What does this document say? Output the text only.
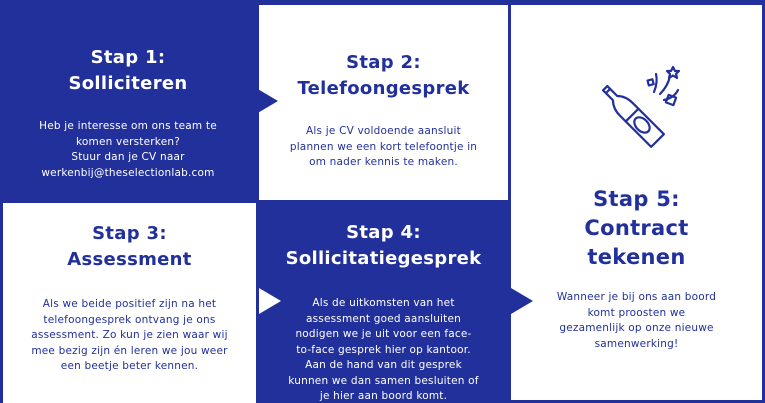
Stap 1:
Solliciteren
Heb je interesse om ons team te
komen versterken?
Stuur dan je CV naar
werkenbij@theselectionlab.com
Stap 2:
Telefoongesprek
Als je CV voldoende aansluit
plannen we een kort telefoontje in
om nader kennis te maken.
Stap 3:
Assessment
Als we beide positief zijn na het
telefoongesprek ontvang je ons
assessment. Zo kun je zien waar wij
mee bezig zijn én leren we jou weer
een beetje beter kennen.
Stap 4:
Sollicitatiegesprek
Als de uitkomsten van het
assessment goed aansluiten
nodigen we je uit voor een face-
to-face gesprek hier op kantoor.
Aan de hand van dit gesprek
kunnen we dan samen besluiten of
je hier aan boord komt.
Stap 5:
Contract
tekenen
Wanneer je bij ons aan boord
komt proosten we
gezamenlijk op onze nieuwe
samenwerking!
